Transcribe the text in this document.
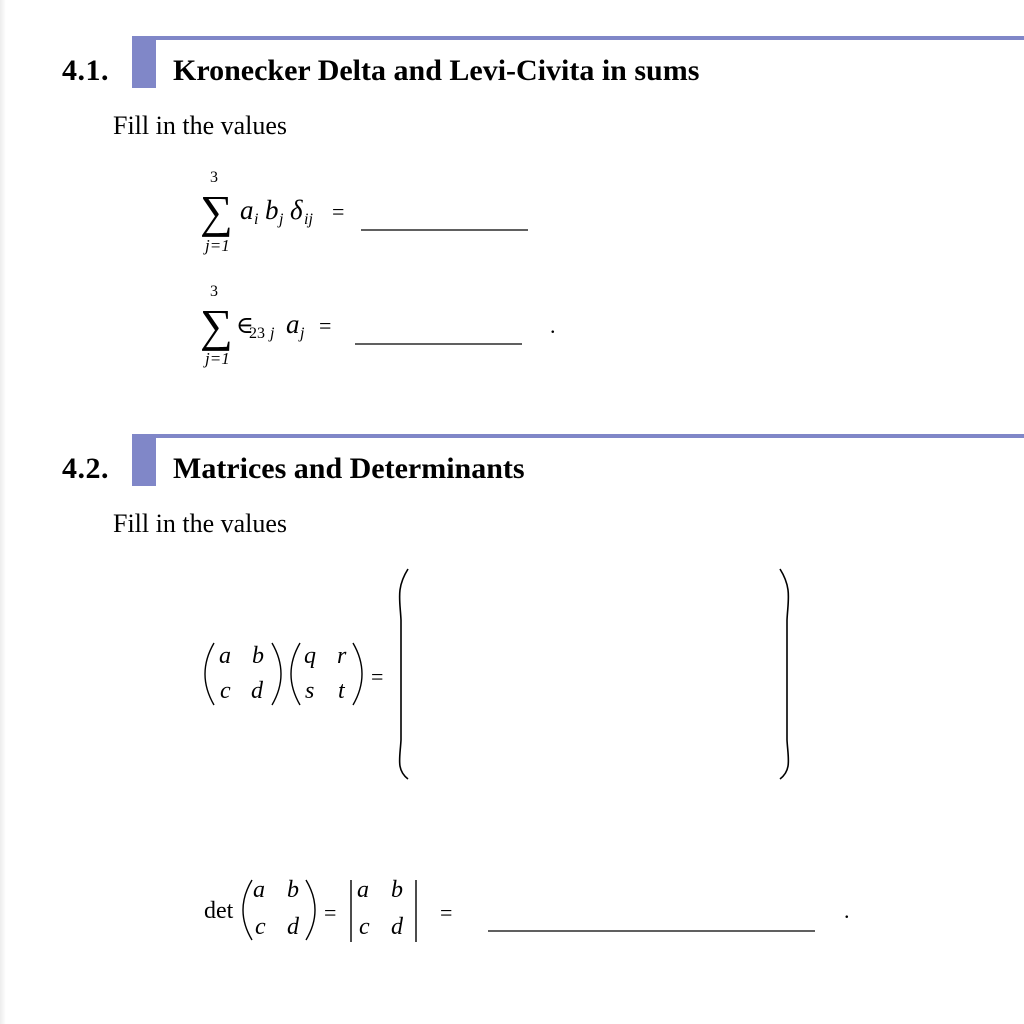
4.1. Kronecker Delta and Levi-Civita in sums
Fill in the values
4.2. Matrices and Determinants
Fill in the values
3
∑
j=1
a i b j δ ij =
3
∑
j=1
∈
23 j a j =	.
a b
c d
q r
s t
=
det
a b
c d
=
a b
c d
=	.
